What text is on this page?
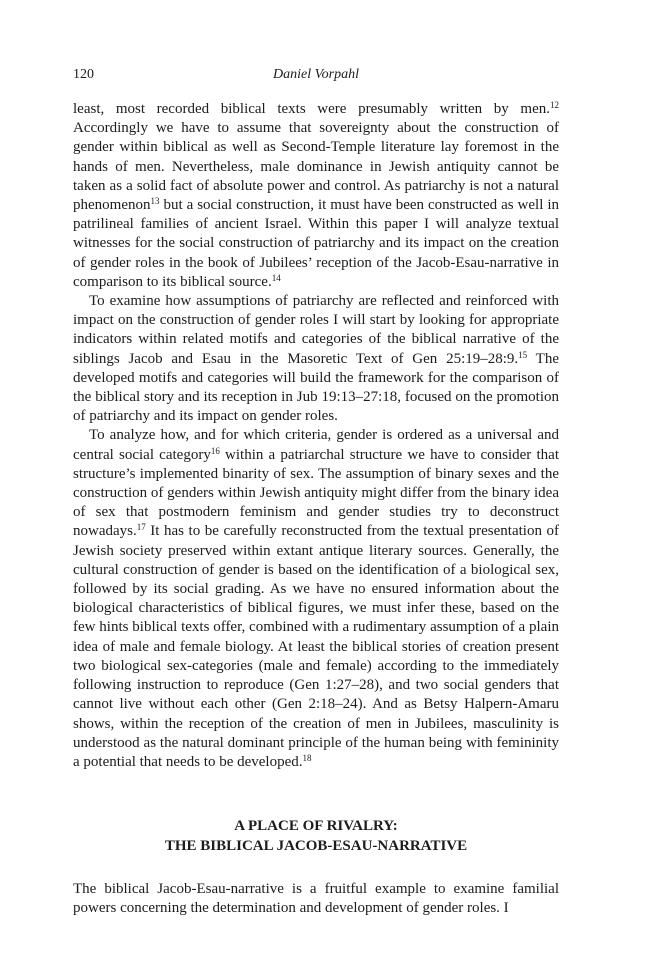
120	Daniel Vorpahl

least, most recorded biblical texts were presumably written by men.$^{12}$ Accordingly we have to assume that sovereignty about the construction of gender within biblical as well as Second-Temple literature lay foremost in the hands of men. Nevertheless, male dominance in Jewish antiquity cannot be taken as a solid fact of absolute power and control. As patriarchy is not a natural phenomenon$^{13}$ but a social construction, it must have been constructed as well in patrilineal families of ancient Israel. Within this paper I will analyze textual witnesses for the social construction of patriarchy and its impact on the creation of gender roles in the book of Jubilees’ reception of the Jacob-Esau-narrative in comparison to its biblical source.$^{14}$

To examine how assumptions of patriarchy are reflected and reinforced with impact on the construction of gender roles I will start by looking for appropriate indicators within related motifs and categories of the biblical narrative of the siblings Jacob and Esau in the Masoretic Text of Gen 25:19–28:9.15 The developed motifs and categories will build the framework for the comparison of the biblical story and its reception in Jub 19:13–27:18, focused on the promotion of patriarchy and its impact on gender roles.

To analyze how, and for which criteria, gender is ordered as a universal and central social category$^{16}$ within a patriarchal structure we have to consider that structure’s implemented binarity of sex. The assumption of binary sexes and the construction of genders within Jewish antiquity might differ from the binary idea of sex that postmodern feminism and gender studies try to deconstruct nowadays.$^{17}$ It has to be carefully reconstructed from the textual presentation of Jewish society preserved within extant antique literary sources. Generally, the cultural construction of gender is based on the identification of a biological sex, followed by its social grading. As we have no ensured information about the biological characteristics of biblical figures, we must infer these, based on the few hints biblical texts offer, combined with a rudimentary assumption of a plain idea of male and female biology. At least the biblical stories of creation present two biological sex-categories (male and female) according to the immediately following instruction to reproduce (Gen 1:27–28), and two social genders that cannot live without each other (Gen 2:18–24). And as Betsy Halpern-Amaru shows, within the reception of the creation of men in Jubilees, masculinity is understood as the natural dominant principle of the human being with femininity a potential that needs to be developed.$^{18}$

A PLACE OF RIVALRY:
THE BIBLICAL JACOB-ESAU-NARRATIVE

The biblical Jacob-Esau-narrative is a fruitful example to examine familial powers concerning the determination and development of gender roles. I
